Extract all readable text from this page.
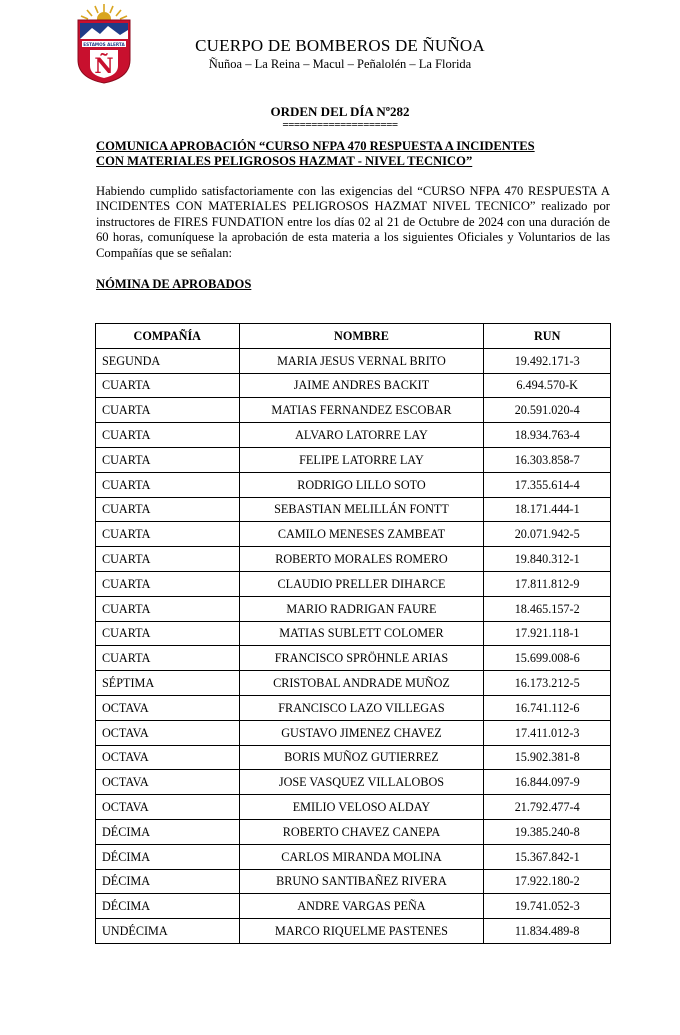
ESTAMOS ALERTA
Ñ
CUERPO DE BOMBEROS DE ÑUÑOA
Ñuñoa – La Reina – Macul – Peñalolén – La Florida
ORDEN DEL DÍA Nº282
====================
COMUNICA APROBACIÓN “CURSO NFPA 470 RESPUESTA A INCIDENTES
CON MATERIALES PELIGROSOS HAZMAT - NIVEL TECNICO”

Habiendo cumplido satisfactoriamente con las exigencias del “CURSO NFPA 470 RESPUESTA A INCIDENTES CON MATERIALES PELIGROSOS HAZMAT NIVEL TECNICO” realizado por instructores de FIRES FUNDATION entre los días 02 al 21 de Octubre de 2024 con una duración de 60 horas, comuníquese la aprobación de esta materia a los siguientes Oficiales y Voluntarios de las Compañías que se señalan:

NÓMINA DE APROBADOS
COMPAÑÍA	NOMBRE	RUN
SEGUNDA	MARIA JESUS VERNAL BRITO	19.492.171-3
CUARTA	JAIME ANDRES BACKIT	6.494.570-K
CUARTA	MATIAS FERNANDEZ ESCOBAR	20.591.020-4
CUARTA	ALVARO LATORRE LAY	18.934.763-4
CUARTA	FELIPE LATORRE LAY	16.303.858-7
CUARTA	RODRIGO LILLO SOTO	17.355.614-4
CUARTA	SEBASTIAN MELILLÁN FONTT	18.171.444-1
CUARTA	CAMILO MENESES ZAMBEAT	20.071.942-5
CUARTA	ROBERTO MORALES ROMERO	19.840.312-1
CUARTA	CLAUDIO PRELLER DIHARCE	17.811.812-9
CUARTA	MARIO RADRIGAN FAURE	18.465.157-2
CUARTA	MATIAS SUBLETT COLOMER	17.921.118-1
CUARTA	FRANCISCO SPRÖHNLE ARIAS	15.699.008-6
SÉPTIMA	CRISTOBAL ANDRADE MUÑOZ	16.173.212-5
OCTAVA	FRANCISCO LAZO VILLEGAS	16.741.112-6
OCTAVA	GUSTAVO JIMENEZ CHAVEZ	17.411.012-3
OCTAVA	BORIS MUÑOZ GUTIERREZ	15.902.381-8
OCTAVA	JOSE VASQUEZ VILLALOBOS	16.844.097-9
OCTAVA	EMILIO VELOSO ALDAY	21.792.477-4
DÉCIMA	ROBERTO CHAVEZ CANEPA	19.385.240-8
DÉCIMA	CARLOS MIRANDA MOLINA	15.367.842-1
DÉCIMA	BRUNO SANTIBAÑEZ RIVERA	17.922.180-2
DÉCIMA	ANDRE VARGAS PEÑA	19.741.052-3
UNDÉCIMA	MARCO RIQUELME PASTENES	11.834.489-8
